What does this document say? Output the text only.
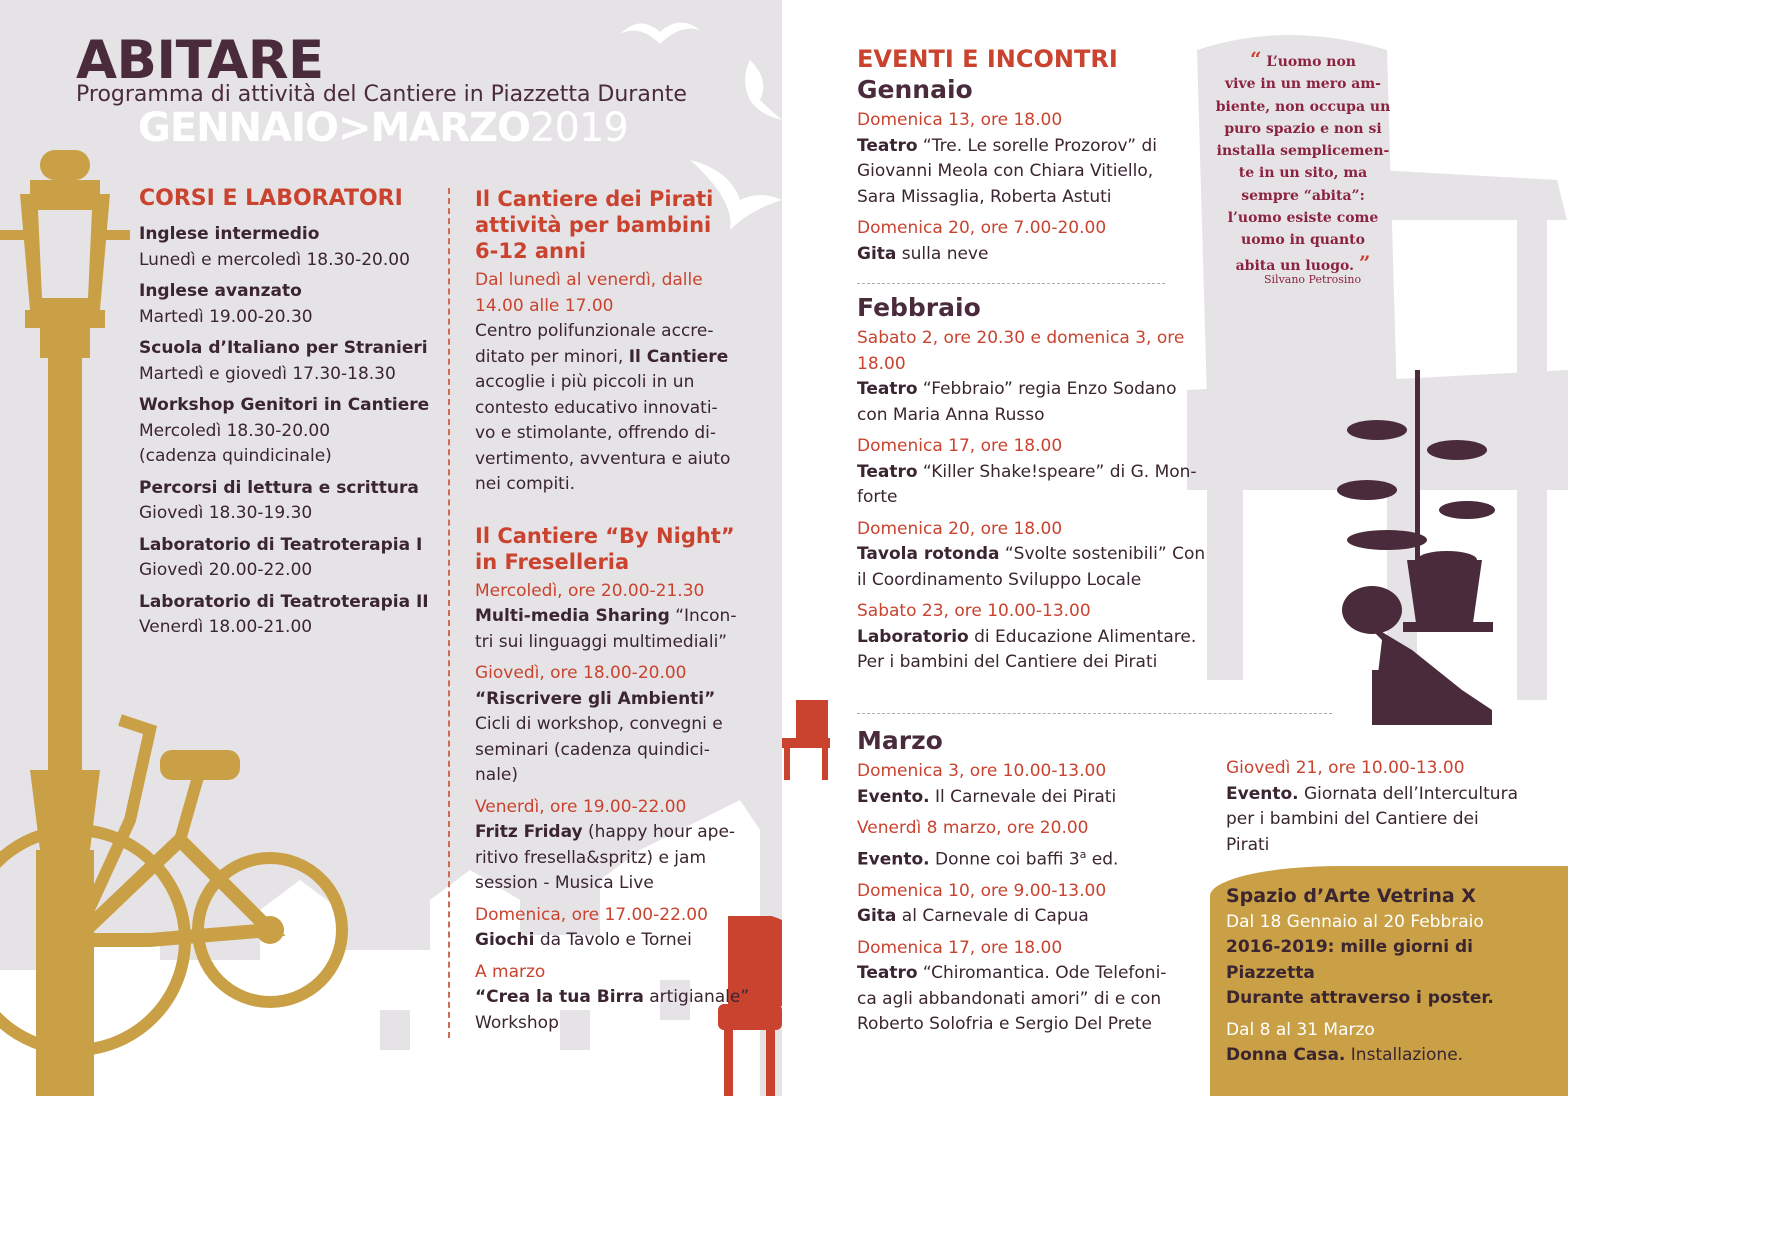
ABITARE
Programma di attività del Cantiere in Piazzetta Durante
GENNAIO>MARZO2019
CORSI E LABORATORI
Inglese intermedio
Lunedì e mercoledì 18.30-20.00
Inglese avanzato
Martedì 19.00-20.30
Scuola d’Italiano per Stranieri
Martedì e giovedì 17.30-18.30
Workshop Genitori in Cantiere
Mercoledì 18.30-20.00
(cadenza quindicinale)
Percorsi di lettura e scrittura
Giovedì 18.30-19.30
Laboratorio di Teatroterapia I
Giovedì 20.00-22.00
Laboratorio di Teatroterapia II
Venerdì 18.00-21.00
Il Cantiere dei Pirati
attività per bambini
6-12 anni
Dal lunedì al venerdì, dalle
14.00 alle 17.00
Centro polifunzionale accre-
ditato per minori, Il Cantiere
accoglie i più piccoli in un
contesto educativo innovati-
vo e stimolante, offrendo di-
vertimento, avventura e aiuto
nei compiti.
Il Cantiere “By Night”
in Freselleria
Mercoledì, ore 20.00-21.30
Multi-media Sharing “Incon-
tri sui linguaggi multimediali”
Giovedì, ore 18.00-20.00
“Riscrivere gli Ambienti”
Cicli di workshop, convegni e
seminari (cadenza quindici-
nale)
Venerdì, ore 19.00-22.00
Fritz Friday (happy hour ape-
ritivo fresella&spritz) e jam
session - Musica Live
Domenica, ore 17.00-22.00
Giochi da Tavolo e Tornei
A marzo
“Crea la tua Birra artigianale”
Workshop
EVENTI E INCONTRI
Gennaio
Domenica 13, ore 18.00
Teatro “Tre. Le sorelle Prozorov” di
Giovanni Meola con Chiara Vitiello,
Sara Missaglia, Roberta Astuti
Domenica 20, ore 7.00-20.00
Gita sulla neve
Febbraio
Sabato 2, ore 20.30 e domenica 3, ore
18.00
Teatro “Febbraio” regia Enzo Sodano
con Maria Anna Russo
Domenica 17, ore 18.00
Teatro “Killer Shake!speare” di G. Mon-
forte
Domenica 20, ore 18.00
Tavola rotonda “Svolte sostenibili” Con
il Coordinamento Sviluppo Locale
Sabato 23, ore 10.00-13.00
Laboratorio di Educazione Alimentare.
Per i bambini del Cantiere dei Pirati
Marzo
Domenica 3, ore 10.00-13.00
Evento. Il Carnevale dei Pirati
Venerdì 8 marzo, ore 20.00
Evento. Donne coi baffi 3$^a$ ed.
Domenica 10, ore 9.00-13.00
Gita al Carnevale di Capua
Domenica 17, ore 18.00
Teatro “Chiromantica. Ode Telefoni-
ca agli abbandonati amori” di e con
Roberto Solofria e Sergio Del Prete
Giovedì 21, ore 10.00-13.00
Evento. Giornata dell’Intercultura
per i bambini del Cantiere dei
Pirati
“ L’uomo non
vive in un mero am-
biente, non occupa un
puro spazio e non si
installa semplicemen-
te in un sito, ma
sempre “abita”:
l’uomo esiste come
uomo in quanto
abita un luogo. ”
Silvano Petrosino
Spazio d’Arte Vetrina X
Dal 18 Gennaio al 20 Febbraio
2016-2019: mille giorni di Piazzetta
Durante attraverso i poster.
Dal 8 al 31 Marzo
Donna Casa. Installazione.
